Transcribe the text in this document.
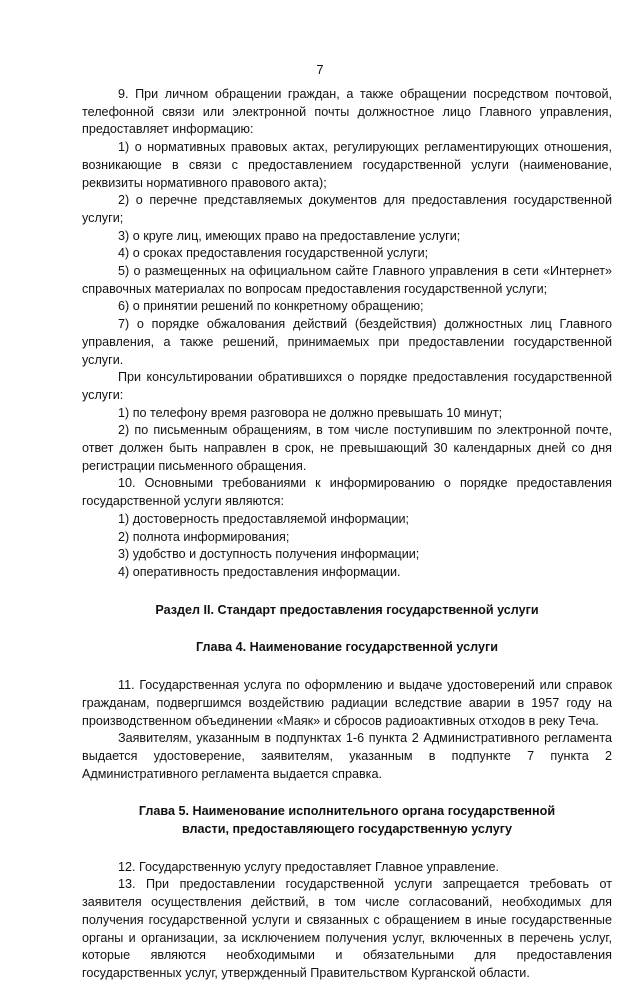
7

9. При личном обращении граждан, а также обращении посредством почтовой, телефонной связи или электронной почты должностное лицо Главного управления, предоставляет информацию:

1) о нормативных правовых актах, регулирующих регламентирующих отношения, возникающие в связи с предоставлением государственной услуги (наименование, реквизиты нормативного правового акта);

2) о перечне представляемых документов для предоставления государственной услуги;

3) о круге лиц, имеющих право на предоставление услуги;

4) о сроках предоставления государственной услуги;

5) о размещенных на официальном сайте Главного управления в сети «Интернет» справочных материалах по вопросам предоставления государственной услуги;

6) о принятии решений по конкретному обращению;

7) о порядке обжалования действий (бездействия) должностных лиц Главного управления, а также решений, принимаемых при предоставлении государственной услуги.

При консультировании обратившихся о порядке предоставления государственной услуги:

1) по телефону время разговора не должно превышать 10 минут;

2) по письменным обращениям, в том числе поступившим по электронной почте, ответ должен быть направлен в срок, не превышающий 30 календарных дней со дня регистрации письменного обращения.

10. Основными требованиями к информированию о порядке предоставления государственной услуги являются:

1) достоверность предоставляемой информации;

2) полнота информирования;

3) удобство и доступность получения информации;

4) оперативность предоставления информации.

Раздел II. Стандарт предоставления государственной услуги

Глава 4. Наименование государственной услуги

11. Государственная услуга по оформлению и выдаче удостоверений или справок гражданам, подвергшимся воздействию радиации вследствие аварии в 1957 году на производственном объединении «Маяк» и сбросов радиоактивных отходов в реку Теча.

Заявителям, указанным в подпунктах 1-6 пункта 2 Административного регламента выдается удостоверение, заявителям, указанным в подпункте 7 пункта 2 Административного регламента выдается справка.

Глава 5. Наименование исполнительного органа государственной

власти, предоставляющего государственную услугу

12. Государственную услугу предоставляет Главное управление.

13. При предоставлении государственной услуги запрещается требовать от заявителя осуществления действий, в том числе согласований, необходимых для получения государственной услуги и связанных с обращением в иные государственные органы и организации, за исключением получения услуг, включенных в перечень услуг, которые являются необходимыми и обязательными для предоставления государственных услуг, утвержденный Правительством Курганской области.
